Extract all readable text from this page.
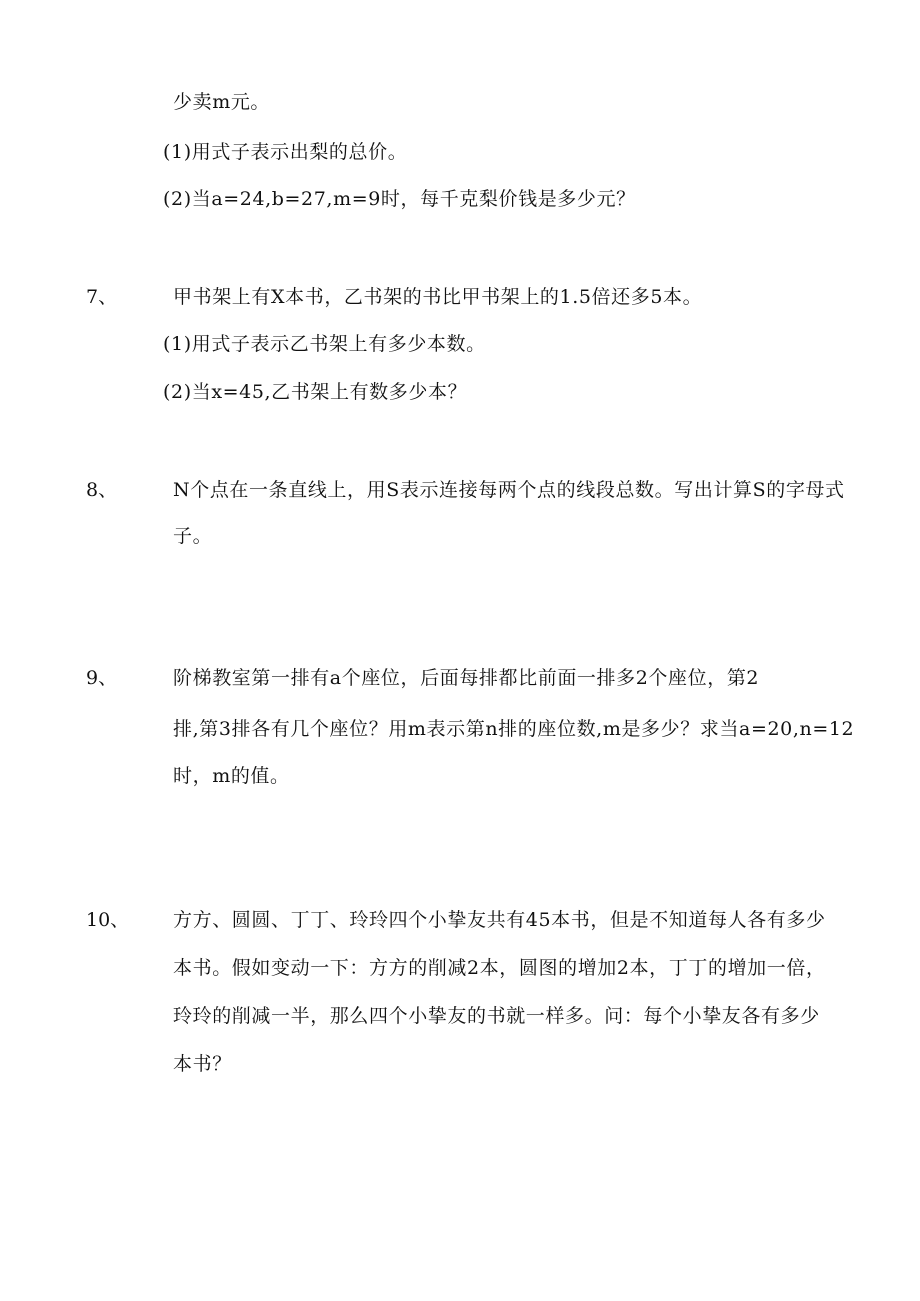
少卖m元。
(1)用式子表示出梨的总价。
(2)当a=24,b=27,m=9时，每千克梨价钱是多少元？
7、	甲书架上有X本书，乙书架的书比甲书架上的1.5倍还多5本。
(1)用式子表示乙书架上有多少本数。
(2)当x=45,乙书架上有数多少本？
8、	N个点在一条直线上，用S表示连接每两个点的线段总数。写出计算S的字母式
子。
9、	阶梯教室第一排有a个座位，后面每排都比前面一排多2个座位，第2
排,第3排各有几个座位？用m表示第n排的座位数,m是多少？求当a=20,n=12
时，m的值。
10、 方方、圆圆、丁丁、玲玲四个小挚友共有45本书，但是不知道每人各有多少
本书。假如变动一下：方方的削减2本，圆图的增加2本，丁丁的增加一倍，
玲玲的削减一半，那么四个小挚友的书就一样多。问：每个小挚友各有多少
本书？
